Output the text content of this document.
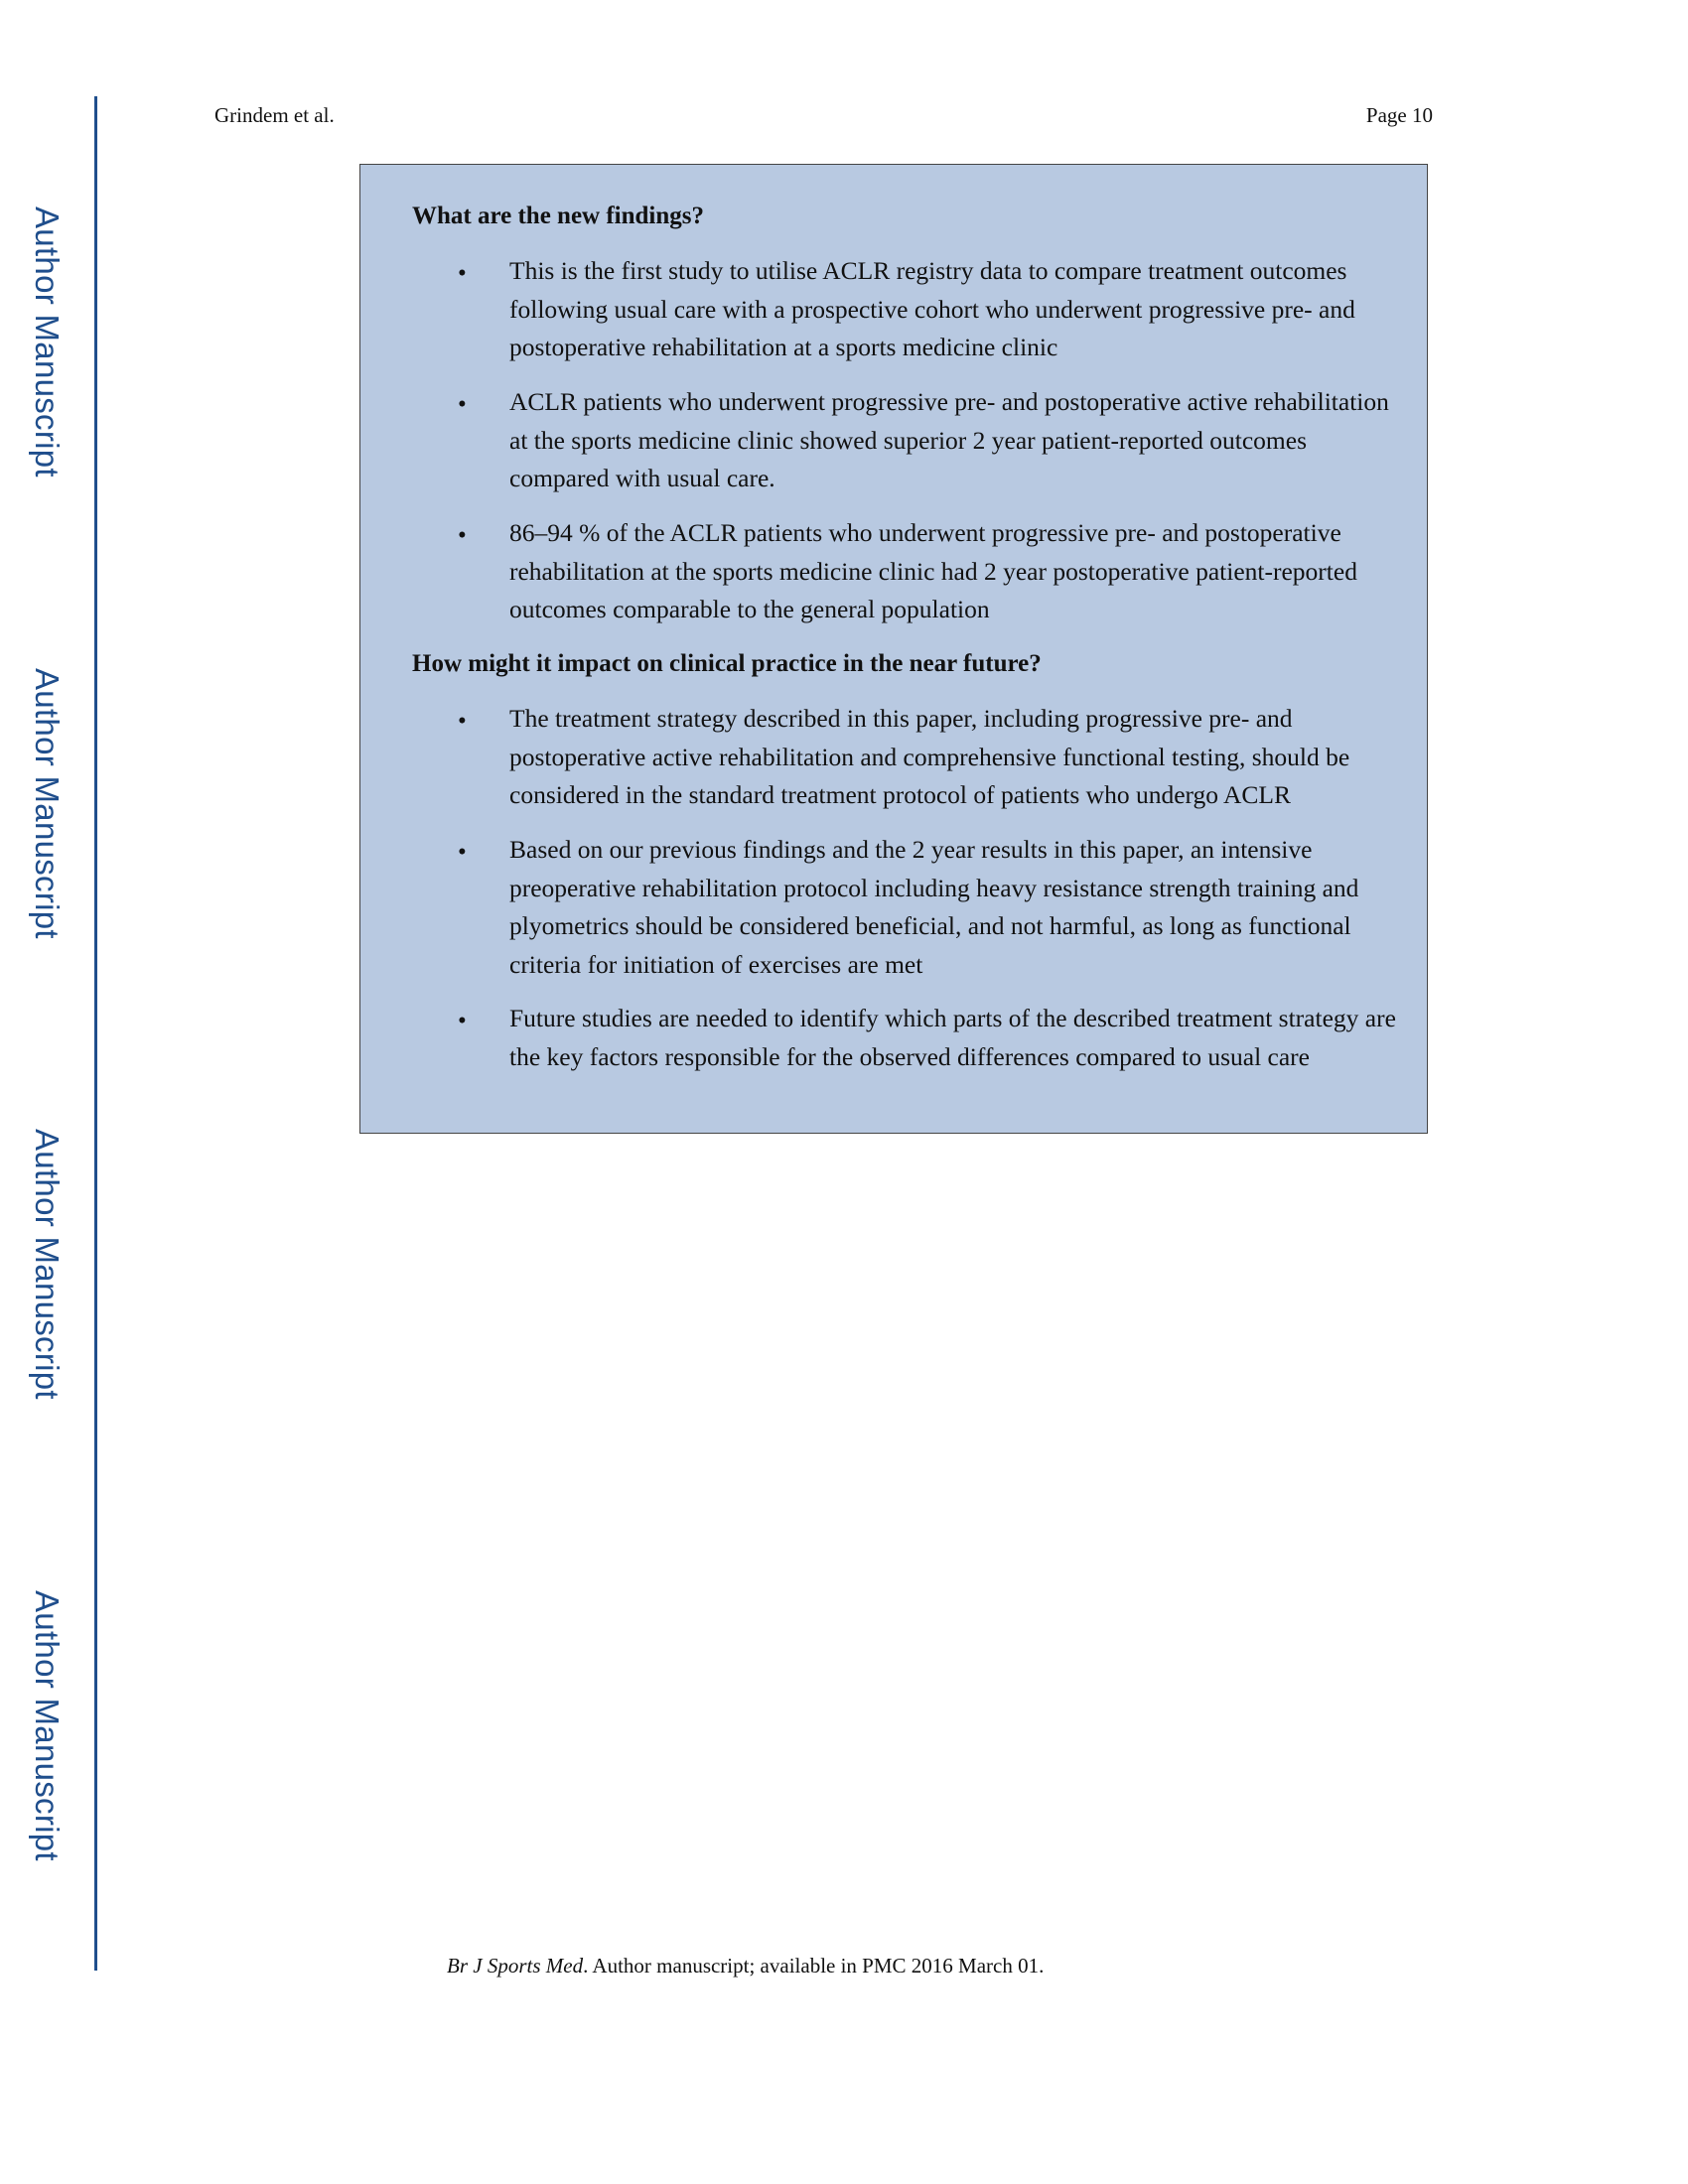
Author Manuscript
Author Manuscript
Author Manuscript
Author Manuscript
Grindem et al.	Page 10
What are the new findings?
• This is the first study to utilise ACLR registry data to compare treatment outcomes following usual care with a prospective cohort who underwent progressive pre- and postoperative rehabilitation at a sports medicine clinic
• ACLR patients who underwent progressive pre- and postoperative active rehabilitation at the sports medicine clinic showed superior 2 year patient-reported outcomes compared with usual care.
• 86–94 % of the ACLR patients who underwent progressive pre- and postoperative rehabilitation at the sports medicine clinic had 2 year postoperative patient-reported outcomes comparable to the general population
How might it impact on clinical practice in the near future?
• The treatment strategy described in this paper, including progressive pre- and postoperative active rehabilitation and comprehensive functional testing, should be considered in the standard treatment protocol of patients who undergo ACLR
• Based on our previous findings and the 2 year results in this paper, an intensive preoperative rehabilitation protocol including heavy resistance strength training and plyometrics should be considered beneficial, and not harmful, as long as functional criteria for initiation of exercises are met
• Future studies are needed to identify which parts of the described treatment strategy are the key factors responsible for the observed differences compared to usual care
Br J Sports Med. Author manuscript; available in PMC 2016 March 01.
